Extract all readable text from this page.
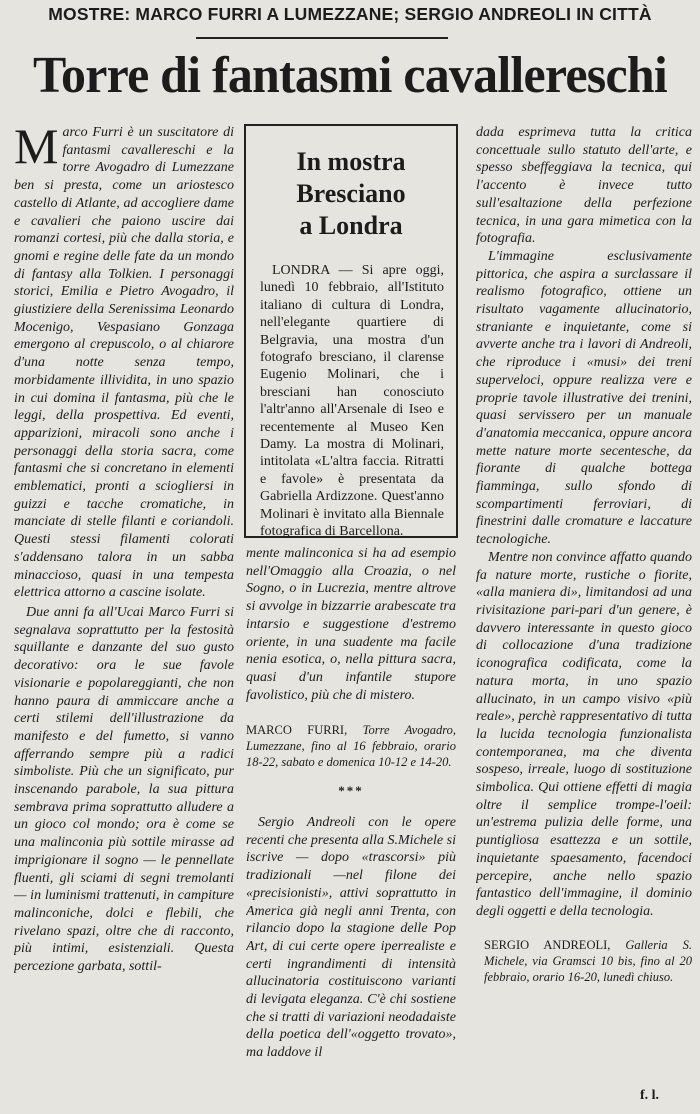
MOSTRE: MARCO FURRI A LUMEZZANE; SERGIO ANDREOLI IN CITTÀ
Torre di fantasmi cavallereschi

Marco Furri è un suscitatore di fantasmi cavallereschi e la torre Avogadro di Lumezzane ben si presta, come un ariostesco castello di Atlante, ad accogliere dame e cavalieri che paiono uscire dai romanzi cortesi, più che dalla storia, e gnomi e regine delle fate da un mondo di fantasy alla Tolkien. I personaggi storici, Emilia e Pietro Avogadro, il giustiziere della Serenissima Leonardo Mocenigo, Vespasiano Gonzaga emergono al crepuscolo, o al chiarore d'una notte senza tempo, morbidamente illividita, in uno spazio in cui domina il fantasma, più che le leggi, della prospettiva. Ed eventi, apparizioni, miracoli sono anche i personaggi della storia sacra, come fantasmi che si concretano in elementi emblematici, pronti a sciogliersi in guizzi e tacche cromatiche, in manciate di stelle filanti e coriandoli. Questi stessi filamenti colorati s'addensano talora in un sabba minaccioso, quasi in una tempesta elettrica attorno a cascine isolate.

Due anni fa all'Ucai Marco Furri si segnalava soprattutto per la festosità squillante e danzante del suo gusto decorativo: ora le sue favole visionarie e popolareggianti, che non hanno paura di ammiccare anche a certi stilemi dell'illustrazione da manifesto e del fumetto, si vanno afferrando sempre più a radici simboliste. Più che un significato, pur inscenando parabole, la sua pittura sembrava prima soprattutto alludere a un gioco col mondo; ora è come se una malinconia più sottile mirasse ad imprigionare il sogno — le pennellate fluenti, gli sciami di segni tremolanti — in luminismi trattenuti, in campiture malinconiche, dolci e flebili, che rivelano spazi, oltre che di racconto, più intimi, esistenziali. Questa percezione garbata, sottil-

In mostra
Bresciano
a Londra

LONDRA — Si apre oggi, lunedì 10 febbraio, all'Istituto italiano di cultura di Londra, nell'elegante quartiere di Belgravia, una mostra d'un fotografo bresciano, il clarense Eugenio Molinari, che i bresciani han conosciuto l'altr'anno all'Arsenale di Iseo e recentemente al Museo Ken Damy. La mostra di Molinari, intitolata «L'altra faccia. Ritratti e favole» è presentata da Gabriella Ardizzone. Quest'anno Molinari è invitato alla Biennale fotografica di Barcellona.

mente malinconica si ha ad esempio nell'Omaggio alla Croazia, o nel Sogno, o in Lucrezia, mentre altrove si avvolge in bizzarrie arabescate tra intarsio e suggestione d'estremo oriente, in una suadente ma facile nenia esotica, o, nella pittura sacra, quasi d'un infantile stupore favolistico, più che di mistero.

MARCO FURRI, Torre Avogadro, Lumezzane, fino al 16 febbraio, orario 18-22, sabato e domenica 10-12 e 14-20.
***

Sergio Andreoli con le opere recenti che presenta alla S.Michele si iscrive — dopo «trascorsi» più tradizionali —nel filone dei «precisionisti», attivi soprattutto in America già negli anni Trenta, con rilancio dopo la stagione delle Pop Art, di cui certe opere iperrealiste e certi ingrandimenti di intensità allucinatoria costituiscono varianti di levigata eleganza. C'è chi sostiene che si tratti di variazioni neodadaiste della poetica dell'«oggetto trovato», ma laddove il

dada esprimeva tutta la critica concettuale sullo statuto dell'arte, e spesso sbeffeggiava la tecnica, qui l'accento è invece tutto sull'esaltazione della perfezione tecnica, in una gara mimetica con la fotografia.

L'immagine esclusivamente pittorica, che aspira a surclassare il realismo fotografico, ottiene un risultato vagamente allucinatorio, straniante e inquietante, come si avverte anche tra i lavori di Andreoli, che riproduce i «musi» dei treni superveloci, oppure realizza vere e proprie tavole illustrative dei trenini, quasi servissero per un manuale d'anatomia meccanica, oppure ancora mette nature morte secentesche, da fiorante di qualche bottega fiamminga, sullo sfondo di scompartimenti ferroviari, di finestrini dalle cromature e laccature tecnologiche.

Mentre non convince affatto quando fa nature morte, rustiche o fiorite, «alla maniera di», limitandosi ad una rivisitazione pari-pari d'un genere, è davvero interessante in questo gioco di collocazione d'una tradizione iconografica codificata, come la natura morta, in uno spazio allucinato, in un campo visivo «più reale», perchè rappresentativo di tutta la lucida tecnologia funzionalista contemporanea, ma che diventa sospeso, irreale, luogo di sostituzione simbolica. Qui ottiene effetti di magia oltre il semplice trompe-l'oeil: un'estrema pulizia delle forme, una puntigliosa esattezza e un sottile, inquietante spaesamento, facendoci percepire, anche nello spazio fantastico dell'immagine, il dominio degli oggetti e della tecnologia.

SERGIO ANDREOLI, Galleria S. Michele, via Gramsci 10 bis, fino al 20 febbraio, orario 16-20, lunedì chiuso.
f. l.
